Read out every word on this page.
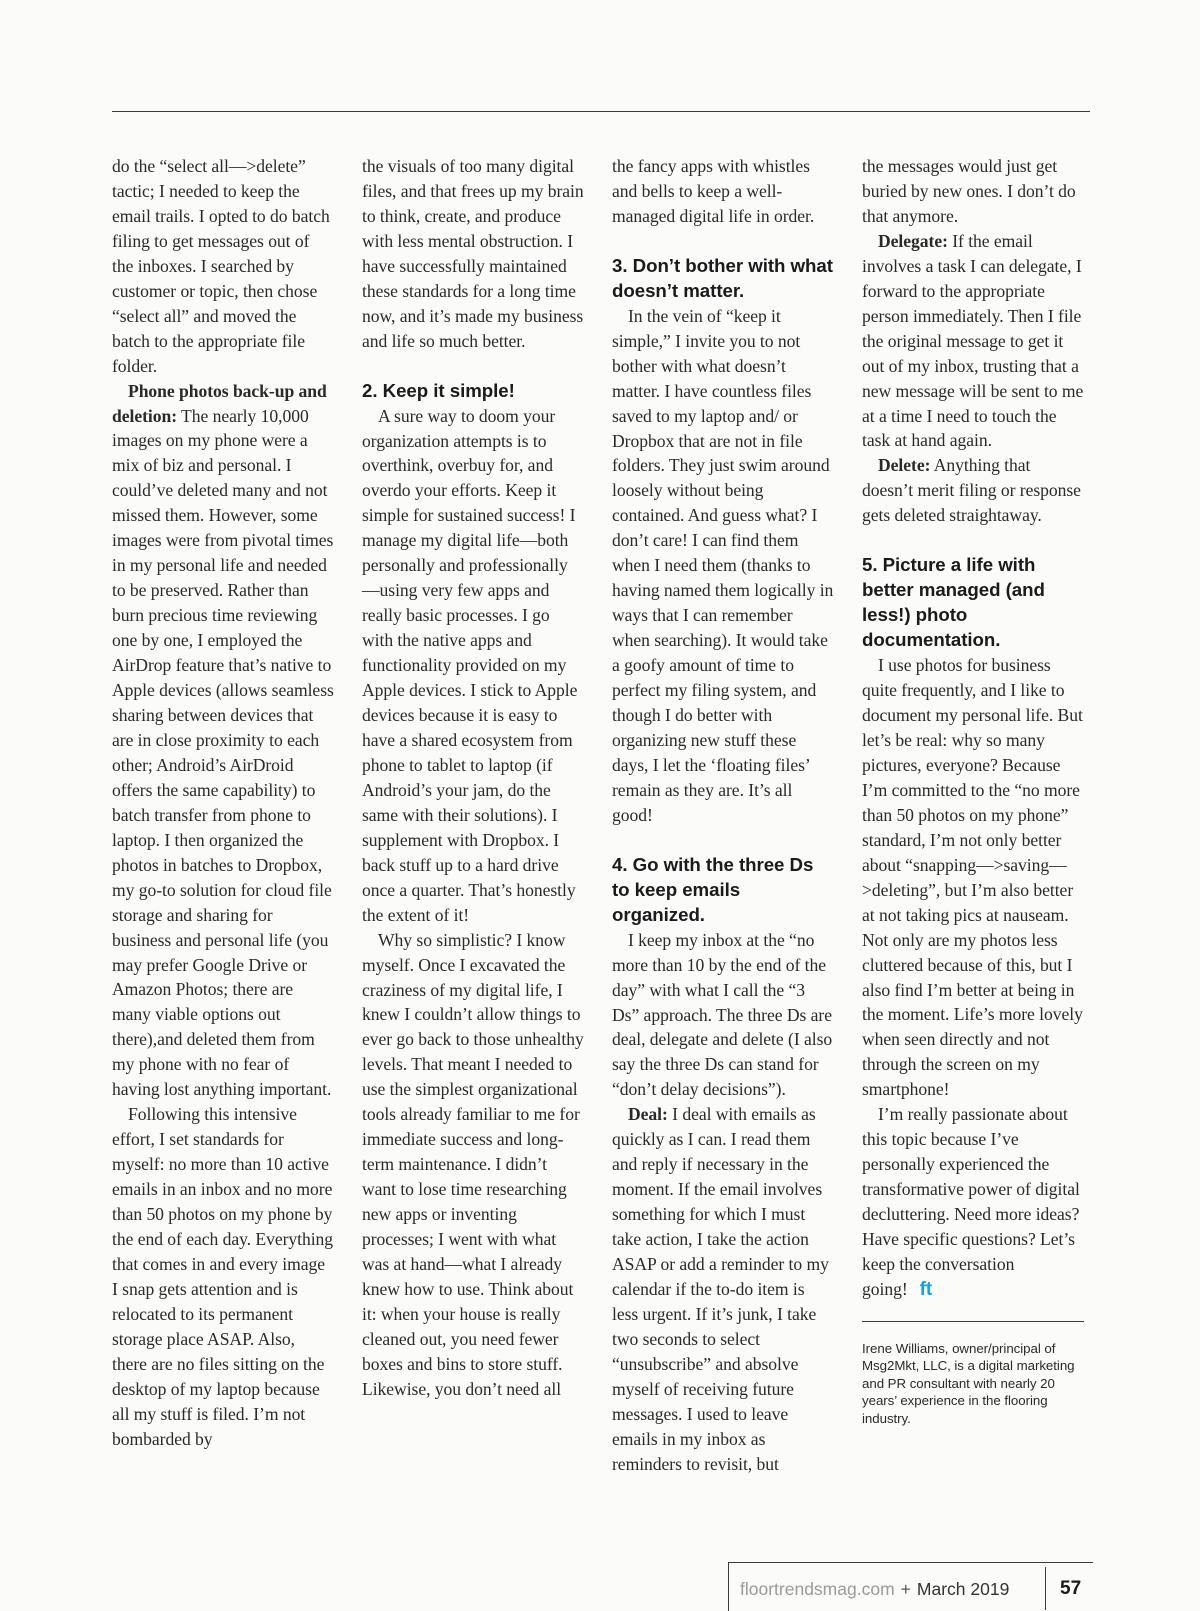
do the “select all—>delete” tactic; I needed to keep the email trails. I opted to do batch filing to get messages out of the inboxes. I searched by customer or topic, then chose “select all” and moved the batch to the appropriate file folder.

Phone photos back-up and deletion: The nearly 10,000 images on my phone were a mix of biz and personal. I could’ve deleted many and not missed them. However, some images were from pivotal times in my personal life and needed to be preserved. Rather than burn precious time reviewing one by one, I employed the AirDrop feature that’s native to Apple devices (allows seamless sharing between devices that are in close proximity to each other; Android’s AirDroid offers the same capability) to batch transfer from phone to laptop. I then organized the photos in batches to Dropbox, my go-to solution for cloud file storage and sharing for business and personal life (you may prefer Google Drive or Amazon Photos; there are many viable options out there),and deleted them from my phone with no fear of having lost anything important.

Following this intensive effort, I set standards for myself: no more than 10 active emails in an inbox and no more than 50 photos on my phone by the end of each day. Everything that comes in and every image I snap gets attention and is relocated to its permanent storage place ASAP. Also, there are no files sitting on the desktop of my laptop because all my stuff is filed. I’m not bombarded by

the visuals of too many digital files, and that frees up my brain to think, create, and produce with less mental obstruction. I have successfully maintained these standards for a long time now, and it’s made my business and life so much better.

2. Keep it simple!

A sure way to doom your organization attempts is to overthink, overbuy for, and overdo your efforts. Keep it simple for sustained success! I manage my digital life—both personally and professionally—using very few apps and really basic processes. I go with the native apps and functionality provided on my Apple devices. I stick to Apple devices because it is easy to have a shared ecosystem from phone to tablet to laptop (if Android’s your jam, do the same with their solutions). I supplement with Dropbox. I back stuff up to a hard drive once a quarter. That’s honestly the extent of it!

Why so simplistic? I know myself. Once I excavated the craziness of my digital life, I knew I couldn’t allow things to ever go back to those unhealthy levels. That meant I needed to use the simplest organizational tools already familiar to me for immediate success and long-term maintenance. I didn’t want to lose time researching new apps or inventing processes; I went with what was at hand—what I already knew how to use. Think about it: when your house is really cleaned out, you need fewer boxes and bins to store stuff. Likewise, you don’t need all

the fancy apps with whistles and bells to keep a well-managed digital life in order.

3. Don’t bother with what doesn’t matter.

In the vein of “keep it simple,” I invite you to not bother with what doesn’t matter. I have countless files saved to my laptop and/ or Dropbox that are not in file folders. They just swim around loosely without being contained. And guess what? I don’t care! I can find them when I need them (thanks to having named them logically in ways that I can remember when searching). It would take a goofy amount of time to perfect my filing system, and though I do better with organizing new stuff these days, I let the ‘floating files’ remain as they are. It’s all good!

4. Go with the three Ds to keep emails organized.

I keep my inbox at the “no more than 10 by the end of the day” with what I call the “3 Ds” approach. The three Ds are deal, delegate and delete (I also say the three Ds can stand for “don’t delay decisions”).

Deal: I deal with emails as quickly as I can. I read them and reply if necessary in the moment. If the email involves something for which I must take action, I take the action ASAP or add a reminder to my calendar if the to-do item is less urgent. If it’s junk, I take two seconds to select “unsubscribe” and absolve myself of receiving future messages. I used to leave emails in my inbox as reminders to revisit, but

the messages would just get buried by new ones. I don’t do that anymore.

Delegate: If the email involves a task I can delegate, I forward to the appropriate person immediately. Then I file the original message to get it out of my inbox, trusting that a new message will be sent to me at a time I need to touch the task at hand again.

Delete: Anything that doesn’t merit filing or response gets deleted straightaway.

5. Picture a life with better managed (and less!) photo documentation.

I use photos for business quite frequently, and I like to document my personal life. But let’s be real: why so many pictures, everyone? Because I’m committed to the “no more than 50 photos on my phone” standard, I’m not only better about “snapping—>saving—>deleting”, but I’m also better at not taking pics at nauseam. Not only are my photos less cluttered because of this, but I also find I’m better at being in the moment. Life’s more lovely when seen directly and not through the screen on my smartphone!

I’m really passionate about this topic because I’ve personally experienced the transformative power of digital decluttering. Need more ideas? Have specific questions? Let’s keep the conversation going! ft

Irene Williams, owner/principal of Msg2Mkt, LLC, is a digital marketing and PR consultant with nearly 20 years’ experience in the flooring industry.
floortrendsmag.com + March 2019	57
